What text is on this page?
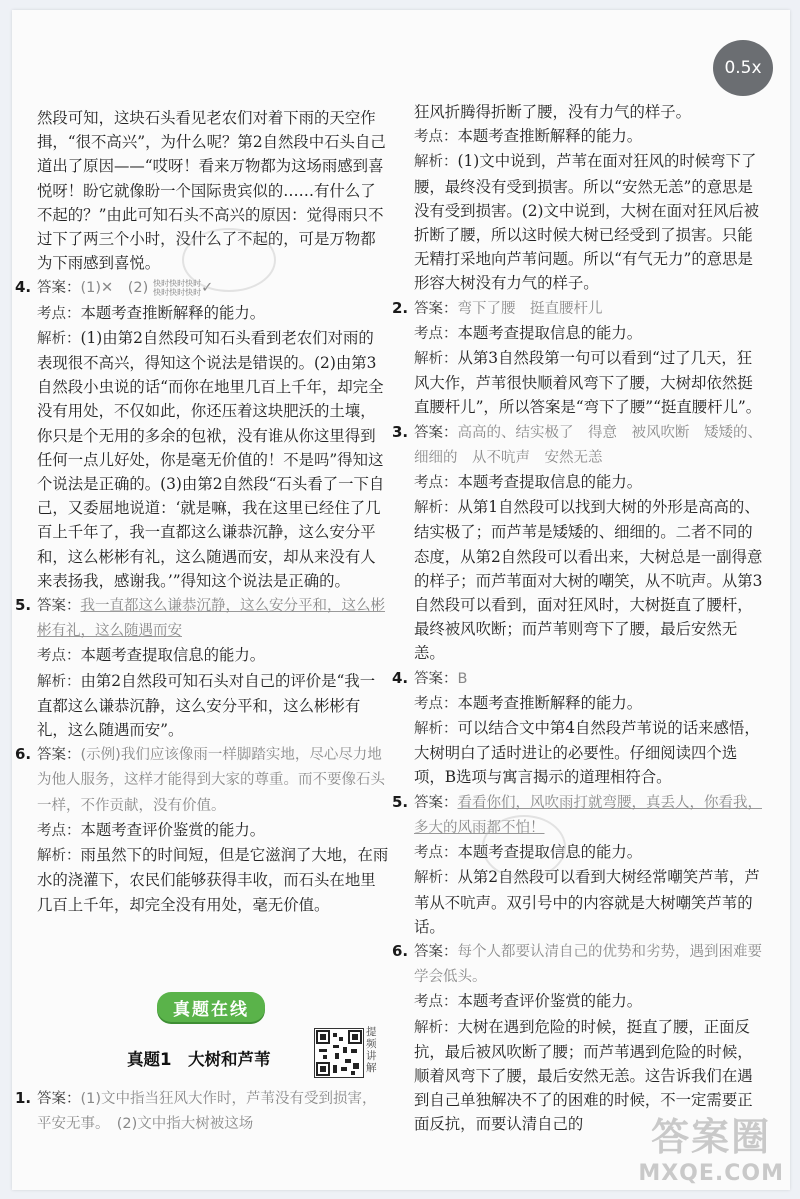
然段可知，这块石头看见老农们对着下雨的天空作揖，“很不高兴”，为什么呢？第2自然段中石头自己道出了原因——“哎呀！看来万物都为这场雨感到喜悦呀！盼它就像盼一个国际贵宾似的……有什么了不起的？”由此可知石头不高兴的原因：觉得雨只不过下了两三个小时，没什么了不起的，可是万物都为下雨感到喜悦。

4. 答案：(1)✕　(2) 快时快时快时
快时快时快时✓
考点：本题考查推断解释的能力。
解析：(1)由第2自然段可知石头看到老农们对雨的表现很不高兴，得知这个说法是错误的。(2)由第3自然段小虫说的话“而你在地里几百上千年，却完全没有用处，不仅如此，你还压着这块肥沃的土壤，你只是个无用的多余的包袱，没有谁从你这里得到任何一点儿好处，你是毫无价值的！不是吗”得知这个说法是正确的。(3)由第2自然段“石头看了一下自己，又委屈地说道：‘就是嘛，我在这里已经住了几百上千年了，我一直都这么谦恭沉静，这么安分平和，这么彬彬有礼，这么随遇而安，却从来没有人来表扬我，感谢我。’”得知这个说法是正确的。
5. 答案：我一直都这么谦恭沉静，这么安分平和，这么彬彬有礼，这么随遇而安
考点：本题考查提取信息的能力。
解析：由第2自然段可知石头对自己的评价是“我一直都这么谦恭沉静，这么安分平和，这么彬彬有礼，这么随遇而安”。
6. 答案：(示例)我们应该像雨一样脚踏实地，尽心尽力地为他人服务，这样才能得到大家的尊重。而不要像石头一样，不作贡献，没有价值。
考点：本题考查评价鉴赏的能力。
解析：雨虽然下的时间短，但是它滋润了大地，在雨水的浇灌下，农民们能够获得丰收，而石头在地里几百上千年，却完全没有用处，毫无价值。
真题在线
真题1　大树和芦苇
提频讲解
1. 答案：(1)文中指当狂风大作时，芦苇没有受到损害，平安无事。　(2)文中指大树被这场

狂风折腾得折断了腰，没有力气的样子。

考点：本题考查推断解释的能力。
解析：(1)文中说到，芦苇在面对狂风的时候弯下了腰，最终没有受到损害。所以“安然无恙”的意思是没有受到损害。(2)文中说到，大树在面对狂风后被折断了腰，所以这时候大树已经受到了损害。只能无精打采地向芦苇问题。所以“有气无力”的意思是形容大树没有力气的样子。
2. 答案：弯下了腰　挺直腰杆儿
考点：本题考查提取信息的能力。
解析：从第3自然段第一句可以看到“过了几天，狂风大作，芦苇很快顺着风弯下了腰，大树却依然挺直腰杆儿”，所以答案是“弯下了腰”“挺直腰杆儿”。
3. 答案：高高的、结实极了　得意　被风吹断　矮矮的、细细的　从不吭声　安然无恙
考点：本题考查提取信息的能力。
解析：从第1自然段可以找到大树的外形是高高的、结实极了；而芦苇是矮矮的、细细的。二者不同的态度，从第2自然段可以看出来，大树总是一副得意的样子；而芦苇面对大树的嘲笑，从不吭声。从第3自然段可以看到，面对狂风时，大树挺直了腰杆，最终被风吹断；而芦苇则弯下了腰，最后安然无恙。
4. 答案：B
考点：本题考查推断解释的能力。
解析：可以结合文中第4自然段芦苇说的话来感悟，大树明白了适时进让的必要性。仔细阅读四个选项，B选项与寓言揭示的道理相符合。
5. 答案：看看你们，风吹雨打就弯腰，真丢人，你看我，多大的风雨都不怕！
考点：本题考查提取信息的能力。
解析：从第2自然段可以看到大树经常嘲笑芦苇，芦苇从不吭声。双引号中的内容就是大树嘲笑芦苇的话。
6. 答案：每个人都要认清自己的优势和劣势，遇到困难要学会低头。
考点：本题考查评价鉴赏的能力。
解析：大树在遇到危险的时候，挺直了腰，正面反抗，最后被风吹断了腰；而芦苇遇到危险的时候，顺着风弯下了腰，最后安然无恙。这告诉我们在遇到自己单独解决不了的困难的时候，不一定需要正面反抗，而要认清自己的	答案圈
MXQE.COM
0.5x
